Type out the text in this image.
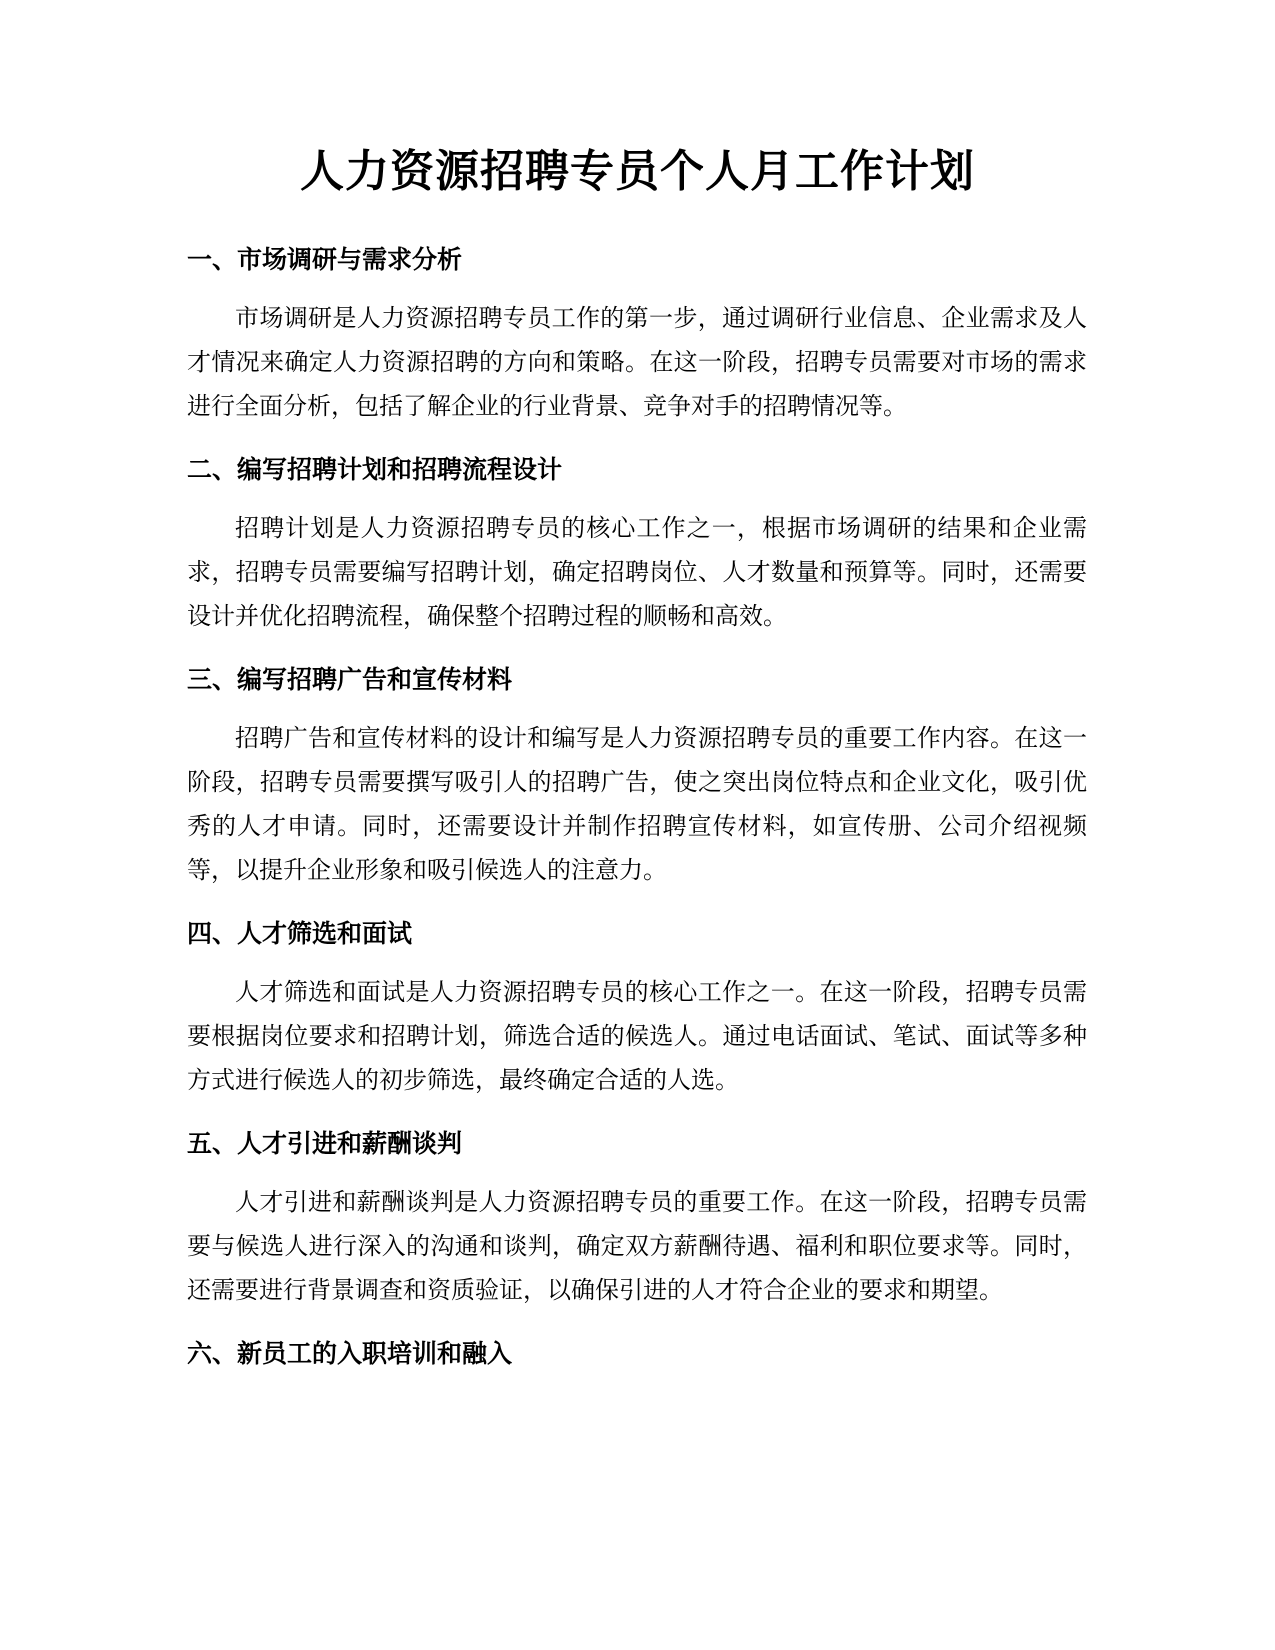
人力资源招聘专员个人月工作计划
一、市场调研与需求分析

市场调研是人力资源招聘专员工作的第一步，通过调研行业信息、企业需求及人才情况来确定人力资源招聘的方向和策略。在这一阶段，招聘专员需要对市场的需求进行全面分析，包括了解企业的行业背景、竞争对手的招聘情况等。

二、编写招聘计划和招聘流程设计

招聘计划是人力资源招聘专员的核心工作之一，根据市场调研的结果和企业需求，招聘专员需要编写招聘计划，确定招聘岗位、人才数量和预算等。同时，还需要设计并优化招聘流程，确保整个招聘过程的顺畅和高效。

三、编写招聘广告和宣传材料

招聘广告和宣传材料的设计和编写是人力资源招聘专员的重要工作内容。在这一阶段，招聘专员需要撰写吸引人的招聘广告，使之突出岗位特点和企业文化，吸引优秀的人才申请。同时，还需要设计并制作招聘宣传材料，如宣传册、公司介绍视频等，以提升企业形象和吸引候选人的注意力。

四、人才筛选和面试

人才筛选和面试是人力资源招聘专员的核心工作之一。在这一阶段，招聘专员需要根据岗位要求和招聘计划，筛选合适的候选人。通过电话面试、笔试、面试等多种方式进行候选人的初步筛选，最终确定合适的人选。

五、人才引进和薪酬谈判

人才引进和薪酬谈判是人力资源招聘专员的重要工作。在这一阶段，招聘专员需要与候选人进行深入的沟通和谈判，确定双方薪酬待遇、福利和职位要求等。同时，还需要进行背景调查和资质验证，以确保引进的人才符合企业的要求和期望。

六、新员工的入职培训和融入
